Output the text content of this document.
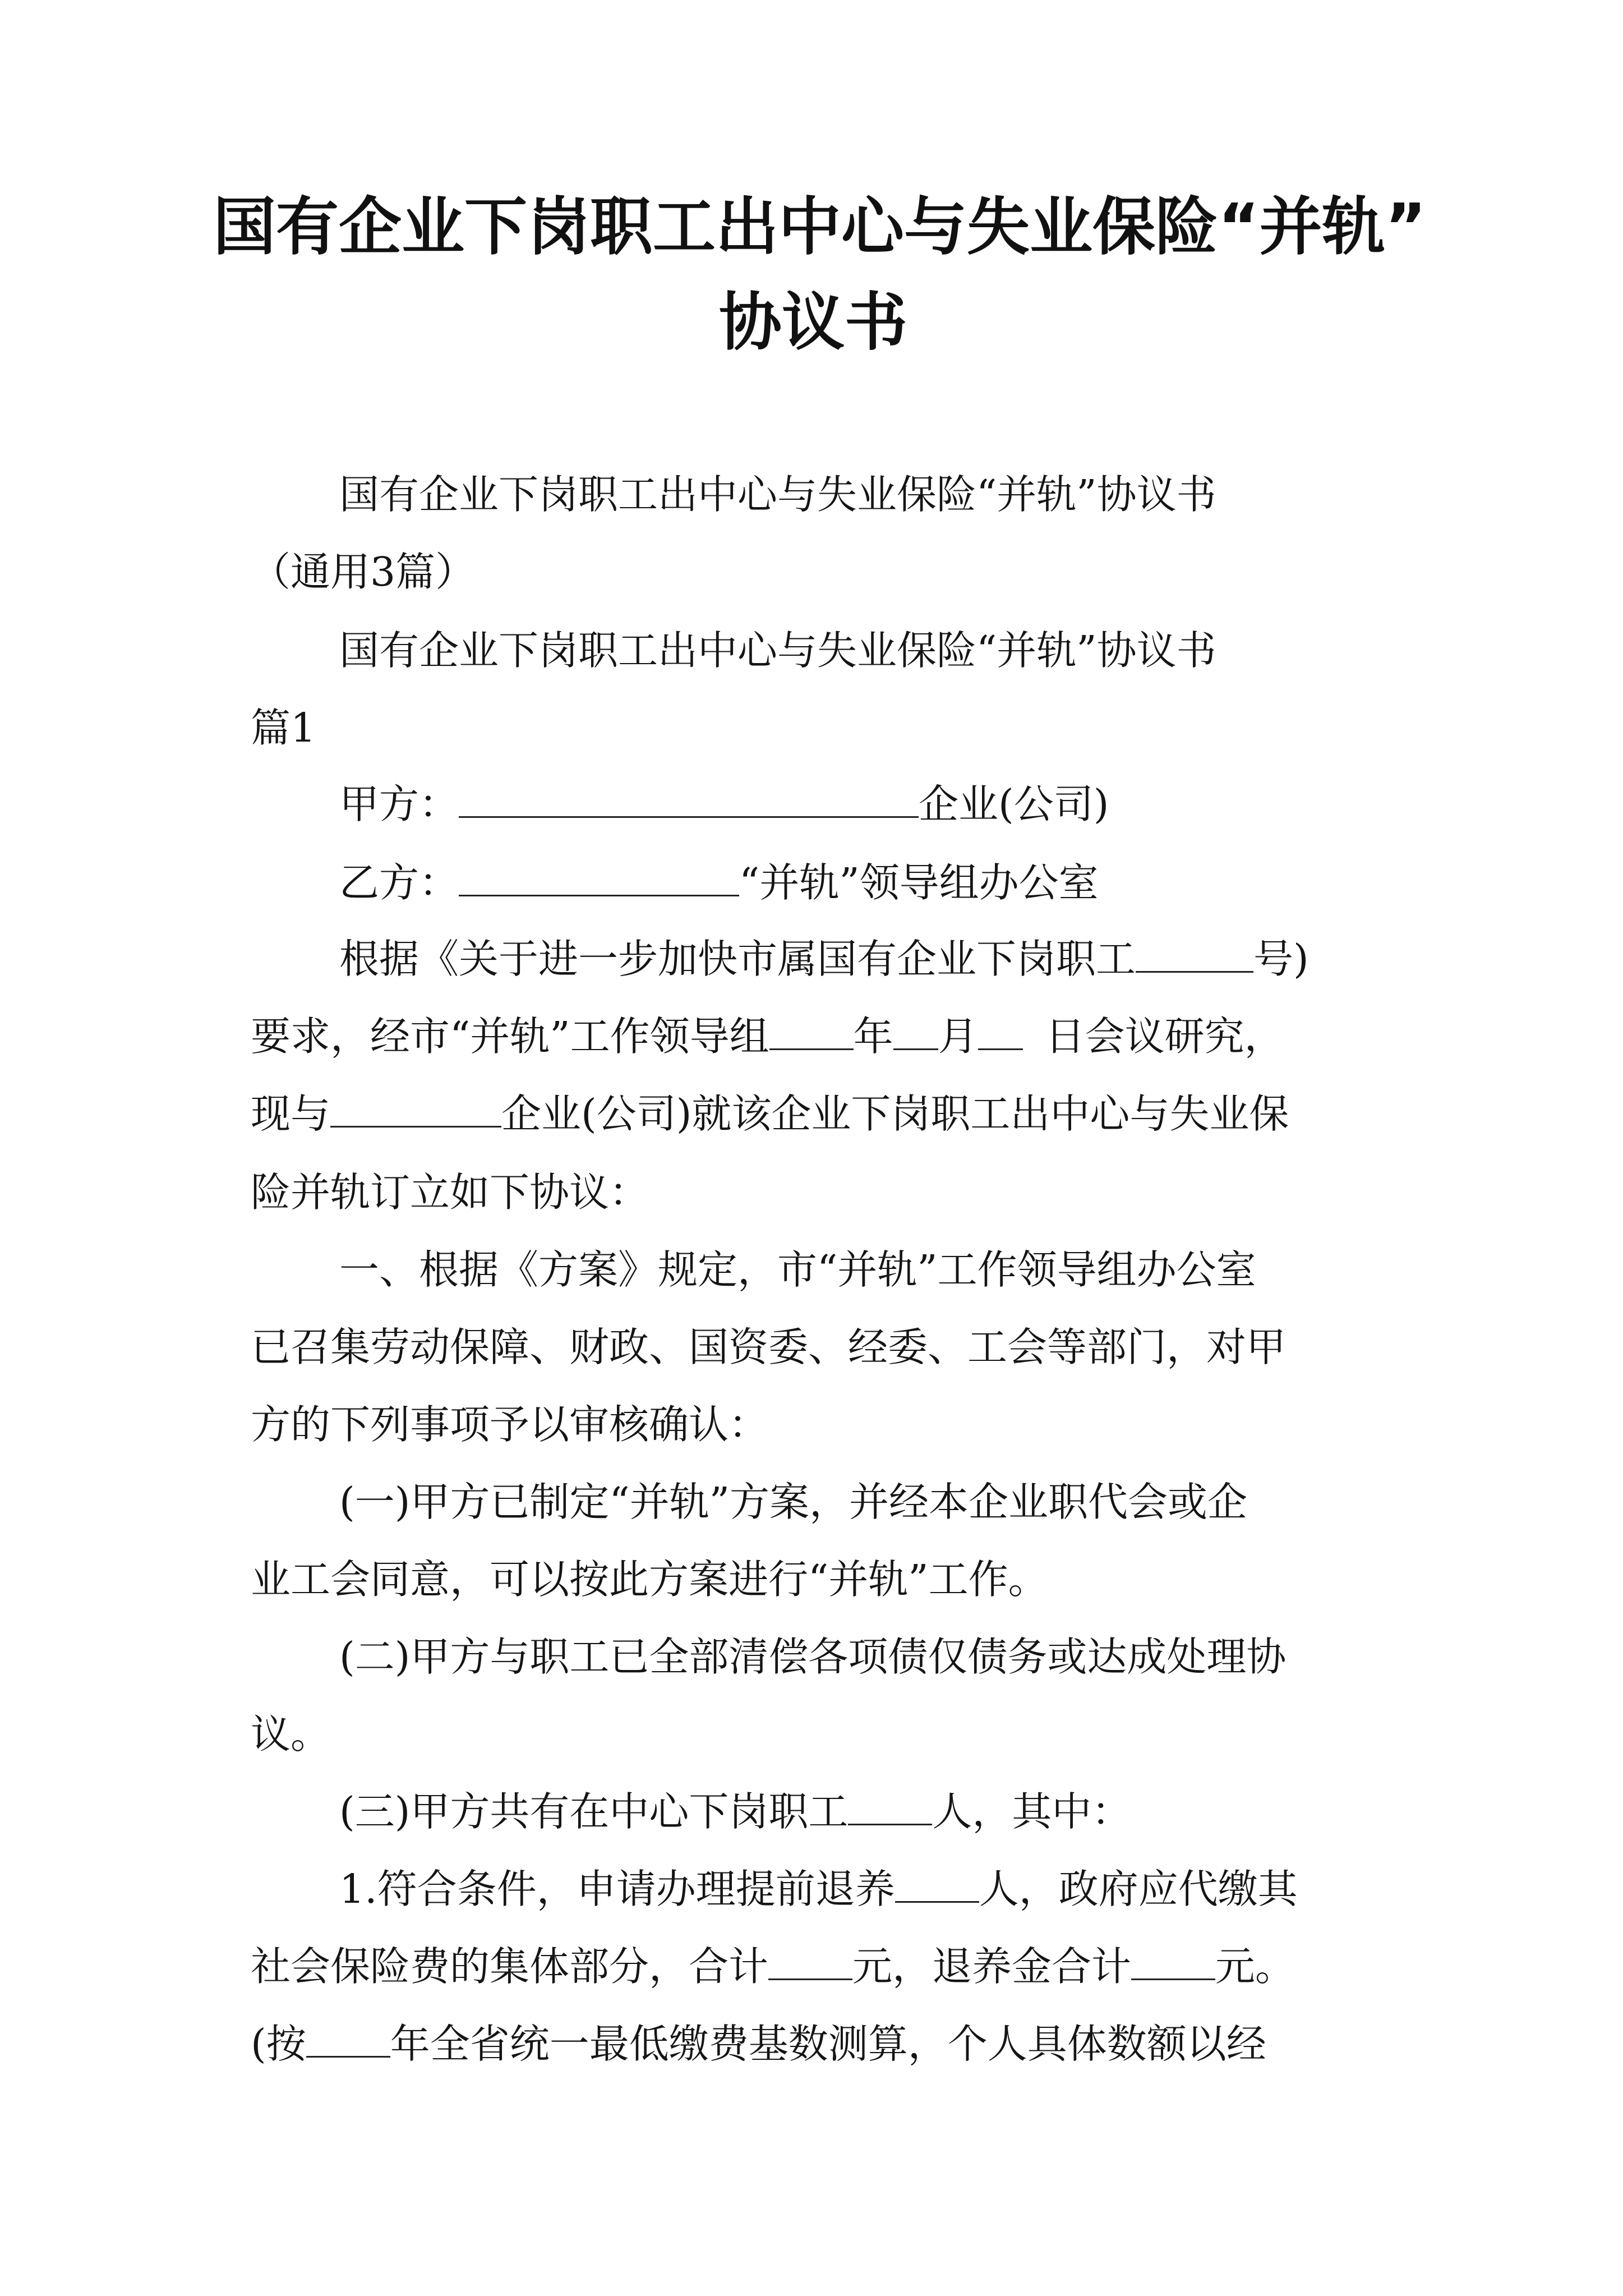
国有企业下岗职工出中心与失业保险“并轨”
协议书
国有企业下岗职工出中心与失业保险“并轨”协议书
（通用3篇）
国有企业下岗职工出中心与失业保险“并轨”协议书
篇1
甲方：	企业(公司)
乙方：	“并轨”领导组办公室
根据《关于进一步加快市属国有企业下岗职工	号)
要求，经市“并轨”工作领导组 年 月 日会议研究，
现与	企业(公司)就该企业下岗职工出中心与失业保
险并轨订立如下协议：
一、根据《方案》规定，市“并轨”工作领导组办公室
已召集劳动保障、财政、国资委、经委、工会等部门，对甲
方的下列事项予以审核确认：
(一)甲方已制定“并轨”方案，并经本企业职代会或企
业工会同意，可以按此方案进行“并轨”工作。
(二)甲方与职工已全部清偿各项债仅债务或达成处理协
议。
(三)甲方共有在中心下岗职工 人，其中：
1.符合条件，申请办理提前退养 人，政府应代缴其
社会保险费的集体部分，合计 元，退养金合计 元。
(按 年全省统一最低缴费基数测算，个人具体数额以经
